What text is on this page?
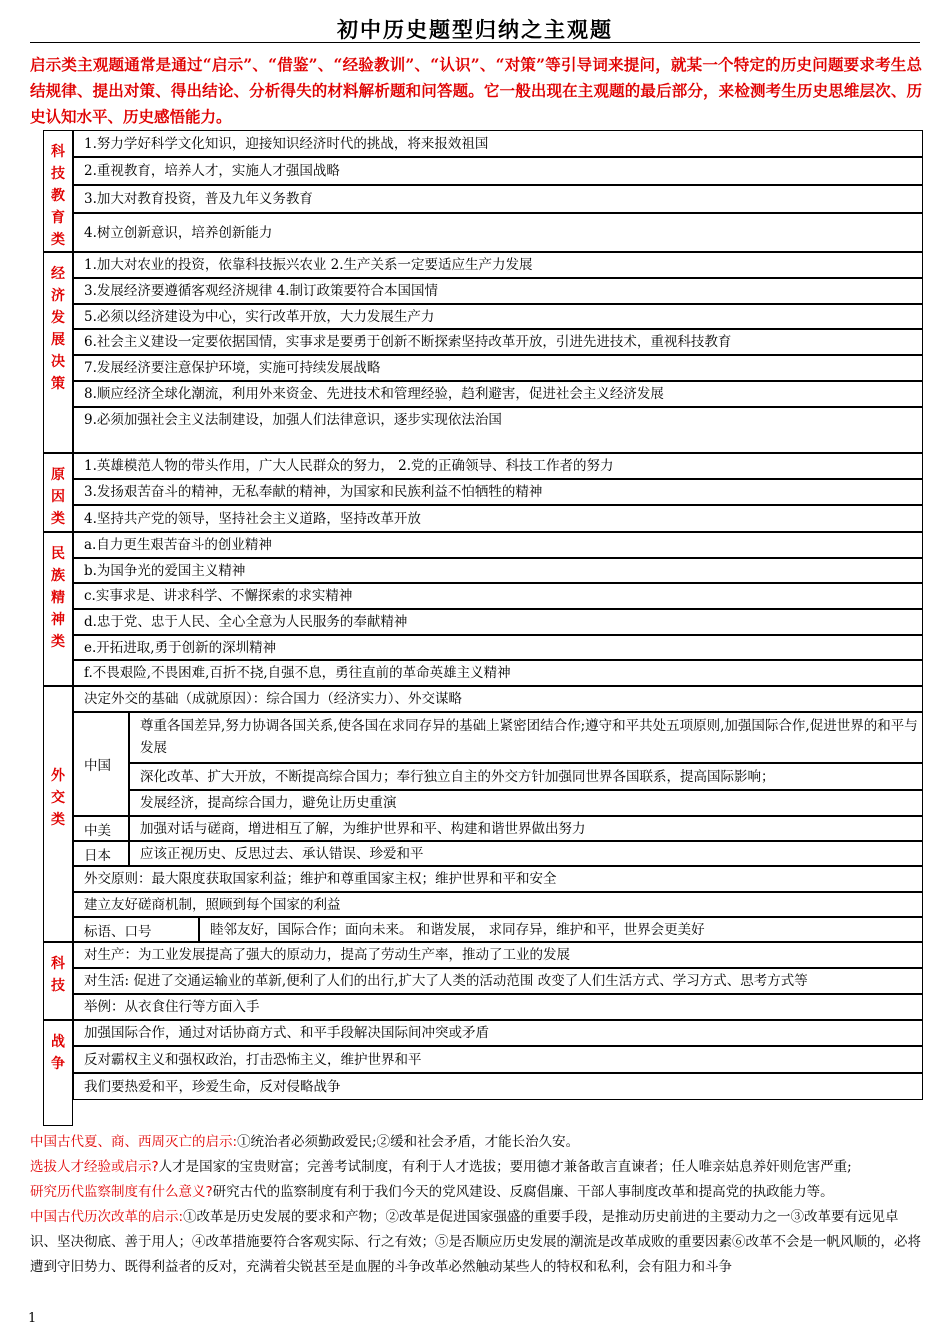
初中历史题型归纳之主观题
启示类主观题通常是通过“启示”、“借鉴”、“经验教训”、“认识”、“对策”等引导词来提问，就某一个特定的历史问题要求考生总结规律、提出对策、得出结论、分析得失的材料解析题和问答题。它一般出现在主观题的最后部分，来检测考生历史思维层次、历史认知水平、历史感悟能力。
科技教育类
1.努力学好科学文化知识，迎接知识经济时代的挑战，将来报效祖国
2.重视教育，培养人才，实施人才强国战略
3.加大对教育投资，普及九年义务教育
4.树立创新意识，培养创新能力
经济发展决策
1.加大对农业的投资，依靠科技振兴农业 2.生产关系一定要适应生产力发展
3.发展经济要遵循客观经济规律 4.制订政策要符合本国国情
5.必须以经济建设为中心，实行改革开放，大力发展生产力
6.社会主义建设一定要依据国情，实事求是要勇于创新不断探索坚持改革开放，引进先进技术，重视科技教育
7.发展经济要注意保护环境，实施可持续发展战略
8.顺应经济全球化潮流，利用外来资金、先进技术和管理经验，趋利避害，促进社会主义经济发展
9.必须加强社会主义法制建设，加强人们法律意识，逐步实现依法治国
原因类
1.英雄模范人物的带头作用，广大人民群众的努力， 2.党的正确领导、科技工作者的努力
3.发扬艰苦奋斗的精神，无私奉献的精神，为国家和民族利益不怕牺牲的精神
4.坚持共产党的领导，坚持社会主义道路，坚持改革开放
民族精神类
a.自力更生艰苦奋斗的创业精神
b.为国争光的爱国主义精神
c.实事求是、讲求科学、不懈探索的求实精神
d.忠于党、忠于人民、全心全意为人民服务的奉献精神
e.开拓进取,勇于创新的深圳精神
f.不畏艰险,不畏困难,百折不挠,自强不息，勇往直前的革命英雄主义精神
外交类
决定外交的基础（成就原因）：综合国力（经济实力）、外交谋略
中国
尊重各国差异,努力协调各国关系,使各国在求同存异的基础上紧密团结合作;遵守和平共处五项原则,加强国际合作,促进世界的和平与发展
深化改革、扩大开放，不断提高综合国力；奉行独立自主的外交方针加强同世界各国联系，提高国际影响；
发展经济，提高综合国力，避免让历史重演
中美	加强对话与磋商，增进相互了解，为维护世界和平、构建和谐世界做出努力
日本	应该正视历史、反思过去、承认错误、珍爱和平
外交原则：最大限度获取国家利益；维护和尊重国家主权；维护世界和平和安全
建立友好磋商机制，照顾到每个国家的利益
标语、口号	睦邻友好，国际合作；面向未来。 和谐发展， 求同存异，维护和平，世界会更美好
科技
对生产：为工业发展提高了强大的原动力，提高了劳动生产率，推动了工业的发展
对生活: 促进了交通运输业的革新,便利了人们的出行,扩大了人类的活动范围 改变了人们生活方式、学习方式、思考方式等
举例：从衣食住行等方面入手
战争
加强国际合作，通过对话协商方式、和平手段解决国际间冲突或矛盾
反对霸权主义和强权政治，打击恐怖主义，维护世界和平
我们要热爱和平，珍爱生命，反对侵略战争

中国古代夏、商、西周灭亡的启示:①统治者必须勤政爱民;②缓和社会矛盾，才能长治久安。

选拔人才经验或启示?人才是国家的宝贵财富；完善考试制度，有利于人才选拔；要用德才兼备敢言直谏者；任人唯亲姑息养奸则危害严重;

研究历代监察制度有什么意义?研究古代的监察制度有利于我们今天的党风建设、反腐倡廉、干部人事制度改革和提高党的执政能力等。

中国古代历次改革的启示:①改革是历史发展的要求和产物；②改革是促进国家强盛的重要手段，是推动历史前进的主要动力之一③改革要有远见卓识、坚决彻底、善于用人；④改革措施要符合客观实际、行之有效；⑤是否顺应历史发展的潮流是改革成败的重要因素⑥改革不会是一帆风顺的，必将遭到守旧势力、既得利益者的反对，充满着尖锐甚至是血腥的斗争改革必然触动某些人的特权和私利，会有阻力和斗争

1
